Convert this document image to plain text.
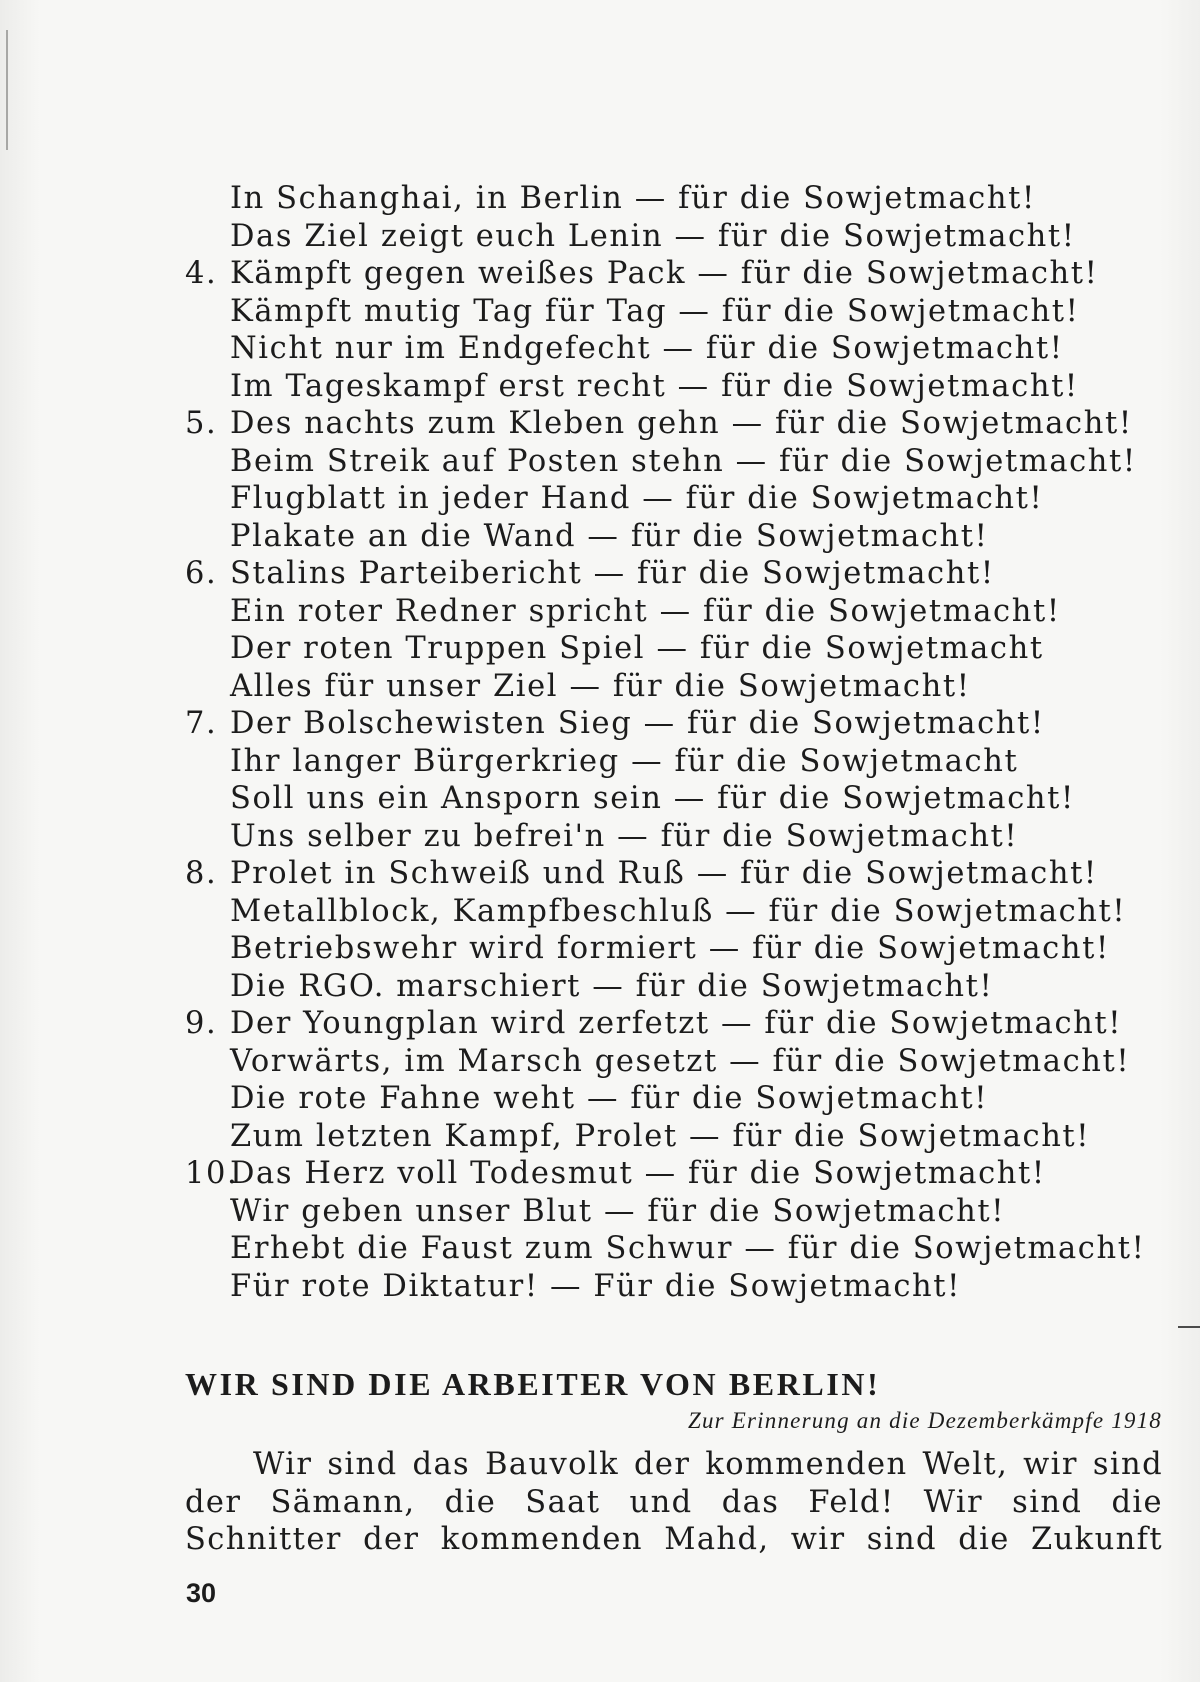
In Schanghai, in Berlin — für die Sowjetmacht!
Das Ziel zeigt euch Lenin — für die Sowjetmacht!
4. Kämpft gegen weißes Pack — für die Sowjetmacht!
Kämpft mutig Tag für Tag — für die Sowjetmacht!
Nicht nur im Endgefecht — für die Sowjetmacht!
Im Tageskampf erst recht — für die Sowjetmacht!
5. Des nachts zum Kleben gehn — für die Sowjetmacht!
Beim Streik auf Posten stehn — für die Sowjetmacht!
Flugblatt in jeder Hand — für die Sowjetmacht!
Plakate an die Wand — für die Sowjetmacht!
6. Stalins Parteibericht — für die Sowjetmacht!
Ein roter Redner spricht — für die Sowjetmacht!
Der roten Truppen Spiel — für die Sowjetmacht
Alles für unser Ziel — für die Sowjetmacht!
7. Der Bolschewisten Sieg — für die Sowjetmacht!
Ihr langer Bürgerkrieg — für die Sowjetmacht
Soll uns ein Ansporn sein — für die Sowjetmacht!
Uns selber zu befrei'n — für die Sowjetmacht!
8. Prolet in Schweiß und Ruß — für die Sowjetmacht!
Metallblock, Kampfbeschluß — für die Sowjetmacht!
Betriebswehr wird formiert — für die Sowjetmacht!
Die RGO. marschiert — für die Sowjetmacht!
9. Der Youngplan wird zerfetzt — für die Sowjetmacht!
Vorwärts, im Marsch gesetzt — für die Sowjetmacht!
Die rote Fahne weht — für die Sowjetmacht!
Zum letzten Kampf, Prolet — für die Sowjetmacht!
10.
Das Herz voll Todesmut — für die Sowjetmacht!
Wir geben unser Blut — für die Sowjetmacht!
Erhebt die Faust zum Schwur — für die Sowjetmacht!
Für rote Diktatur! — Für die Sowjetmacht!
WIR SIND DIE ARBEITER VON BERLIN!
Zur Erinnerung an die Dezemberkämpfe 1918
Wir sind das Bauvolk der kommenden Welt, wir sind
der Sämann, die Saat und das Feld! Wir sind die
Schnitter der kommenden Mahd, wir sind die Zukunft
30
